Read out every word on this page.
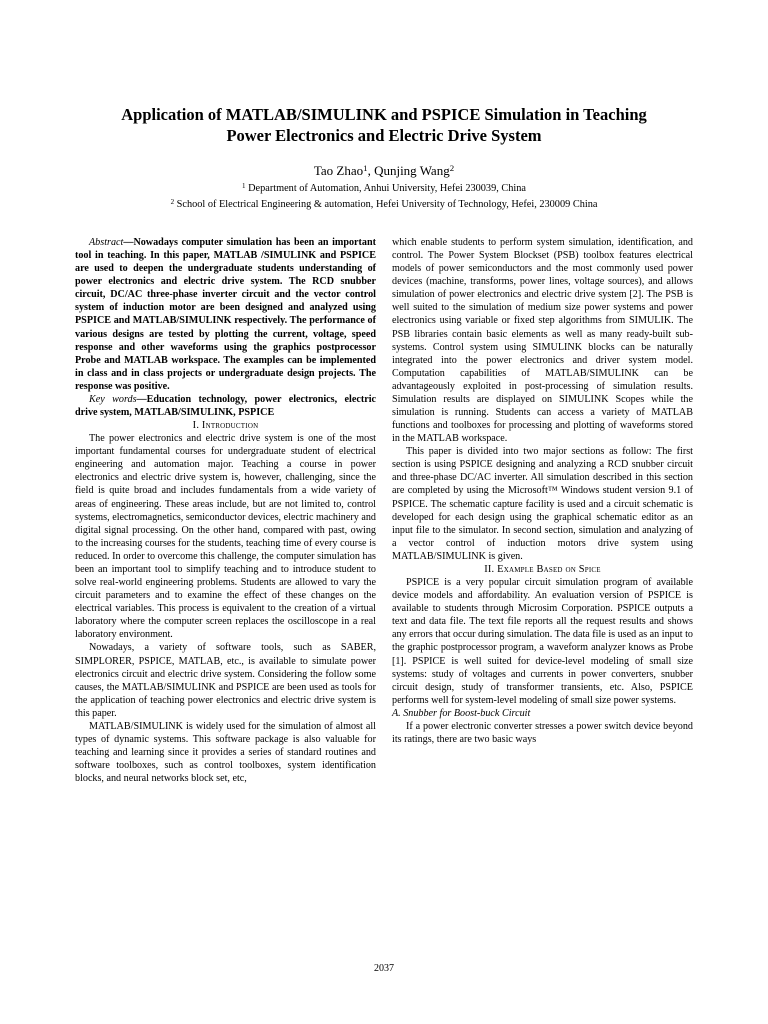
Application of MATLAB/SIMULINK and PSPICE Simulation in Teaching
Power Electronics and Electric Drive System
Tao Zhao$^1$, Qunjing Wang$^2$
$^1$ Department of Automation, Anhui University, Hefei 230039, China
$^2$ School of Electrical Engineering & automation, Hefei University of Technology, Hefei, 230009 China

Abstract—Nowadays computer simulation has been an important tool in teaching. In this paper, MATLAB /SIMULINK and PSPICE are used to deepen the undergraduate students understanding of power electronics and electric drive system. The RCD snubber circuit, DC/AC three-phase inverter circuit and the vector control system of induction motor are been designed and analyzed using PSPICE and MATLAB/SIMULINK respectively. The performance of various designs are tested by plotting the current, voltage, speed response and other waveforms using the graphics postprocessor Probe and MATLAB workspace. The examples can be implemented in class and in class projects or undergraduate design projects. The response was positive.

Key words—Education technology, power electronics, electric drive system, MATLAB/SIMULINK, PSPICE

I. Introduction

The power electronics and electric drive system is one of the most important fundamental courses for undergraduate student of electrical engineering and automation major. Teaching a course in power electronics and electric drive system is, however, challenging, since the field is quite broad and includes fundamentals from a wide variety of areas of engineering. These areas include, but are not limited to, control systems, electromagnetics, semiconductor devices, electric machinery and digital signal processing. On the other hand, compared with past, owing to the increasing courses for the students, teaching time of every course is reduced. In order to overcome this challenge, the computer simulation has been an important tool to simplify teaching and to introduce student to solve real-world engineering problems. Students are allowed to vary the circuit parameters and to examine the effect of these changes on the electrical variables. This process is equivalent to the creation of a virtual laboratory where the computer screen replaces the oscilloscope in a real laboratory environment.

Nowadays, a variety of software tools, such as SABER, SIMPLORER, PSPICE, MATLAB, etc., is available to simulate power electronics circuit and electric drive system. Considering the follow some causes, the MATLAB/SIMULINK and PSPICE are been used as tools for the application of teaching power electronics and electric drive system is this paper.

MATLAB/SIMULINK is widely used for the simulation of almost all types of dynamic systems. This software package is also valuable for teaching and learning since it provides a series of standard routines and software toolboxes, such as control toolboxes, system identification blocks, and neural networks block set, etc,

which enable students to perform system simulation, identification, and control. The Power System Blockset (PSB) toolbox features electrical models of power semiconductors and the most commonly used power devices (machine, transforms, power lines, voltage sources), and allows simulation of power electronics and electric drive system [2]. The PSB is well suited to the simulation of medium size power systems and power electronics using variable or fixed step algorithms from SIMULIK. The PSB libraries contain basic elements as well as many ready-built sub-systems. Control system using SIMULINK blocks can be naturally integrated into the power electronics and driver system model. Computation capabilities of MATLAB/SIMULINK can be advantageously exploited in post-processing of simulation results. Simulation results are displayed on SIMULINK Scopes while the simulation is running. Students can access a variety of MATLAB functions and toolboxes for processing and plotting of waveforms stored in the MATLAB workspace.

This paper is divided into two major sections as follow: The first section is using PSPICE designing and analyzing a RCD snubber circuit and three-phase DC/AC inverter. All simulation described in this section are completed by using the Microsoft™ Windows student version 9.1 of PSPICE. The schematic capture facility is used and a circuit schematic is developed for each design using the graphical schematic editor as an input file to the simulator. In second section, simulation and analyzing of a vector control of induction motors drive system using MATLAB/SIMULINK is given.

II. Example Based on Spice

PSPICE is a very popular circuit simulation program of available device models and affordability. An evaluation version of PSPICE is available to students through Microsim Corporation. PSPICE outputs a text and data file. The text file reports all the request results and shows any errors that occur during simulation. The data file is used as an input to the graphic postprocessor program, a waveform analyzer knows as Probe [1]. PSPICE is well suited for device-level modeling of small size systems: study of voltages and currents in power converters, snubber circuit design, study of transformer transients, etc. Also, PSPICE performs well for system-level modeling of small size power systems.

A. Snubber for Boost-buck Circuit

If a power electronic converter stresses a power switch device beyond its ratings, there are two basic ways

2037
